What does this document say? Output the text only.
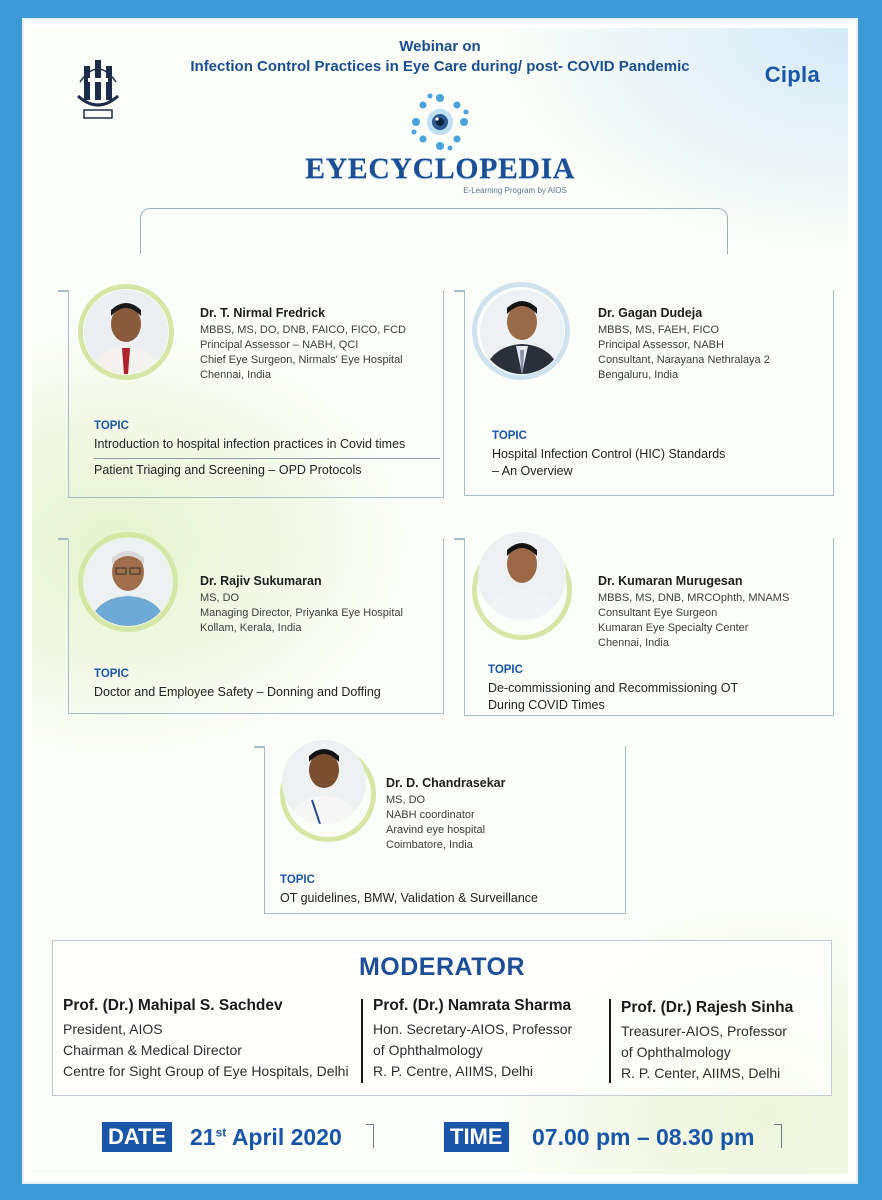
Cipla
EYECYCLOPEDIA
E-Learning Program by AIOS
Webinar on
Infection Control Practices in Eye Care during/ post- COVID Pandemic
Dr. T. Nirmal Fredrick
MBBS, MS, DO, DNB, FAICO, FICO, FCD
Principal Assessor – NABH, QCI
Chief Eye Surgeon, Nirmals' Eye Hospital
Chennai, India
TOPIC
Introduction to hospital infection practices in Covid times
Patient Triaging and Screening – OPD Protocols
Dr. Gagan Dudeja
MBBS, MS, FAEH, FICO
Principal Assessor, NABH
Consultant, Narayana Nethralaya 2
Bengaluru, India
TOPIC
Hospital Infection Control (HIC) Standards
– An Overview
Dr. Rajiv Sukumaran
MS, DO
Managing Director, Priyanka Eye Hospital
Kollam, Kerala, India
TOPIC
Doctor and Employee Safety – Donning and Doffing
Dr. Kumaran Murugesan
MBBS, MS, DNB, MRCOphth, MNAMS
Consultant Eye Surgeon
Kumaran Eye Specialty Center
Chennai, India
TOPIC
De-commissioning and Recommissioning OT
During COVID Times
Dr. D. Chandrasekar
MS, DO
NABH coordinator
Aravind eye hospital
Coimbatore, India
TOPIC
OT guidelines, BMW, Validation & Surveillance
MODERATOR
Prof. (Dr.) Mahipal S. Sachdev
President, AIOS
Chairman & Medical Director
Centre for Sight Group of Eye Hospitals, Delhi
Prof. (Dr.) Namrata Sharma
Hon. Secretary-AIOS, Professor
of Ophthalmology
R. P. Centre, AIIMS, Delhi
Prof. (Dr.) Rajesh Sinha
Treasurer-AIOS, Professor
of Ophthalmology
R. P. Center, AIIMS, Delhi
DATE 21st April 2020	TIME 07.00 pm – 08.30 pm
